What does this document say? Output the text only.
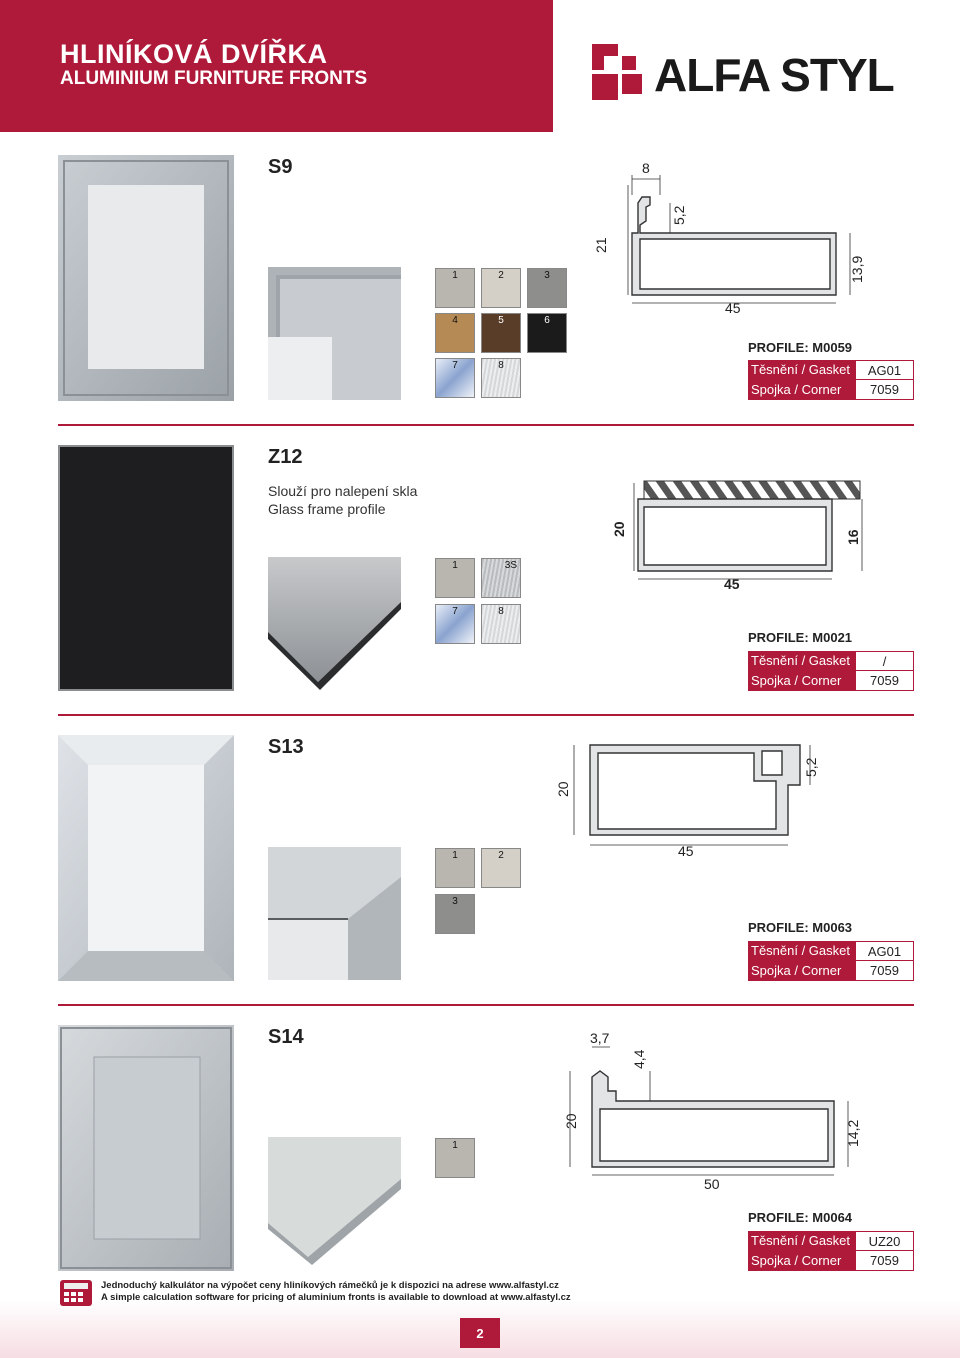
HLINÍKOVÁ DVÍŘKA
ALUMINIUM FURNITURE FRONTS	ALFA STYL
S9
1	2	3
4	5	6
7	8
8
5,2
21
13,9
45
PROFILE: M0059
Těsnění / Gasket	AG01
Spojka / Corner	7059
Z12
Slouží pro nalepení skla
Glass frame profile
1	3S
7	8
20
16
45
PROFILE: M0021
Těsnění / Gasket	/
Spojka / Corner	7059
S13
1	2
3
20
5,2
45
PROFILE: M0063
Těsnění / Gasket	AG01
Spojka / Corner	7059
S14
1
3,7
4,4
20	14,2
50
PROFILE: M0064
Těsnění / Gasket	UZ20
Spojka / Corner	7059
Jednoduchý kalkulátor na výpočet ceny hliníkových rámečků je k dispozici na adrese www.alfastyl.cz
A simple calculation software for pricing of aluminium fronts is available to download at www.alfastyl.cz
2
